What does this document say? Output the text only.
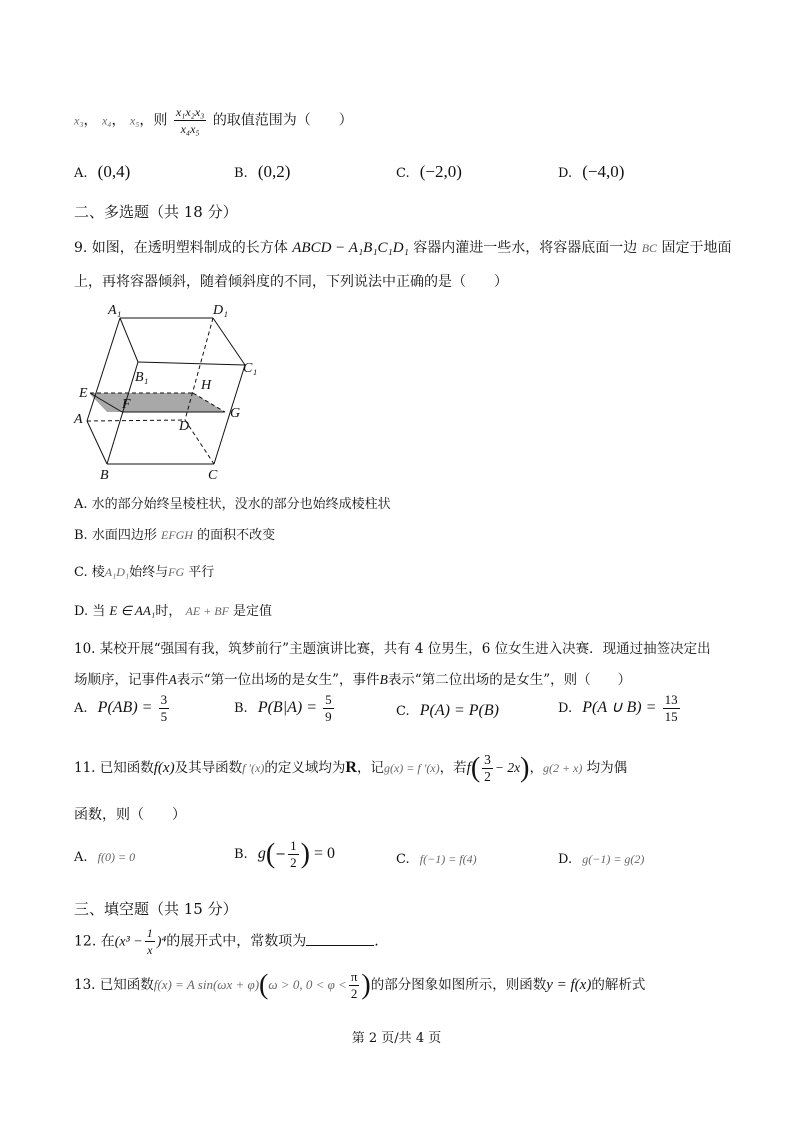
x₃， x₄， x₅，则 $\frac{\text{x₁x₂x₃}}{\text{x₄x₅}}$ 的取值范围为（　　）
A. (0,4)	B. (0,2)	C. (−2,0)	D. (−4,0)
二、多选题（共 18 分）
9. 如图，在透明塑料制成的长方体 ABCD − A₁B₁C₁D₁ 容器内灌进一些水，将容器底面一边 BC 固定于地面
上，再将容器倾斜，随着倾斜度的不同，下列说法中正确的是（　　）
A₁	D₁
B₁
C₁
E
H
F
G
A	D
B	C
A. 水的部分始终呈棱柱状，没水的部分也始终成棱柱状
B. 水面四边形 EFGH 的面积不改变
C. 棱A₁D₁始终与FG 平行
D. 当 E ∈ AA₁时， AE + BF 是定值
10. 某校开展“强国有我，筑梦前行”主题演讲比赛，共有 4 位男生，6 位女生进入决赛．现通过抽签决定出
场顺序，记事件A表示“第一位出场的是女生”，事件B表示“第二位出场的是女生”，则（　　）
A. $P(AB) = \frac{3}{5}$	B. $P(B|A) = \frac{5}{9}$	C. P(A) = P(B)	D. P(A ∪ $B) = \frac{13}{15}$
11. 已知函数f(x)及其导函数f ′(x)的定义域均为R，记g(x) = f ′(x)，若$f( \frac{3}{2} - 2x)$，g(2 + x) 均为偶
函数，则（　　）
A. f(0) = 0	B. $g(- \frac{1}{2}$ ) = 0	C. f(−1) = f(4)	D. g(−1) = g(2)
三、填空题（共 15 分）
12. 在$(x^3 - \frac{1}{x} )^4$的展开式中，常数项为	.
13. 已知函数f(x) = A sin(ωx + φ)(ω > 0, $0 < \varphi < \frac{\pi}{2}$ )的部分图象如图所示，则函数y = f(x)的解析式
第 2 页/共 4 页
